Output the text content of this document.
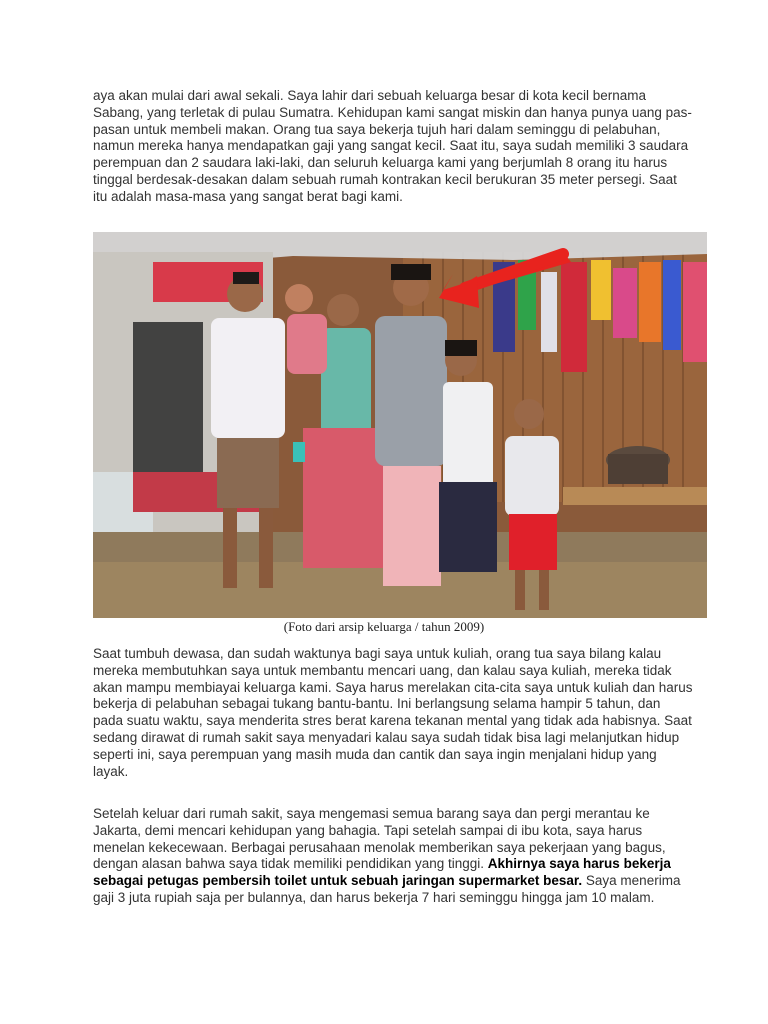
aya akan mulai dari awal sekali. Saya lahir dari sebuah keluarga besar di kota kecil bernama Sabang, yang terletak di pulau Sumatra. Kehidupan kami sangat miskin dan hanya punya uang pas-pasan untuk membeli makan. Orang tua saya bekerja tujuh hari dalam seminggu di pelabuhan, namun mereka hanya mendapatkan gaji yang sangat kecil. Saat itu, saya sudah memiliki 3 saudara perempuan dan 2 saudara laki-laki, dan seluruh keluarga kami yang berjumlah 8 orang itu harus tinggal berdesak-desakan dalam sebuah rumah kontrakan kecil berukuran 35 meter persegi. Saat itu adalah masa-masa yang sangat berat bagi kami.

(Foto dari arsip keluarga / tahun 2009)

Saat tumbuh dewasa, dan sudah waktunya bagi saya untuk kuliah, orang tua saya bilang kalau mereka membutuhkan saya untuk membantu mencari uang, dan kalau saya kuliah, mereka tidak akan mampu membiayai keluarga kami. Saya harus merelakan cita-cita saya untuk kuliah dan harus bekerja di pelabuhan sebagai tukang bantu-bantu. Ini berlangsung selama hampir 5 tahun, dan pada suatu waktu, saya menderita stres berat karena tekanan mental yang tidak ada habisnya. Saat sedang dirawat di rumah sakit saya menyadari kalau saya sudah tidak bisa lagi melanjutkan hidup seperti ini, saya perempuan yang masih muda dan cantik dan saya ingin menjalani hidup yang layak.

Setelah keluar dari rumah sakit, saya mengemasi semua barang saya dan pergi merantau ke Jakarta, demi mencari kehidupan yang bahagia. Tapi setelah sampai di ibu kota, saya harus menelan kekecewaan. Berbagai perusahaan menolak memberikan saya pekerjaan yang bagus, dengan alasan bahwa saya tidak memiliki pendidikan yang tinggi. Akhirnya saya harus bekerja sebagai petugas pembersih toilet untuk sebuah jaringan supermarket besar. Saya menerima gaji 3 juta rupiah saja per bulannya, dan harus bekerja 7 hari seminggu hingga jam 10 malam.
